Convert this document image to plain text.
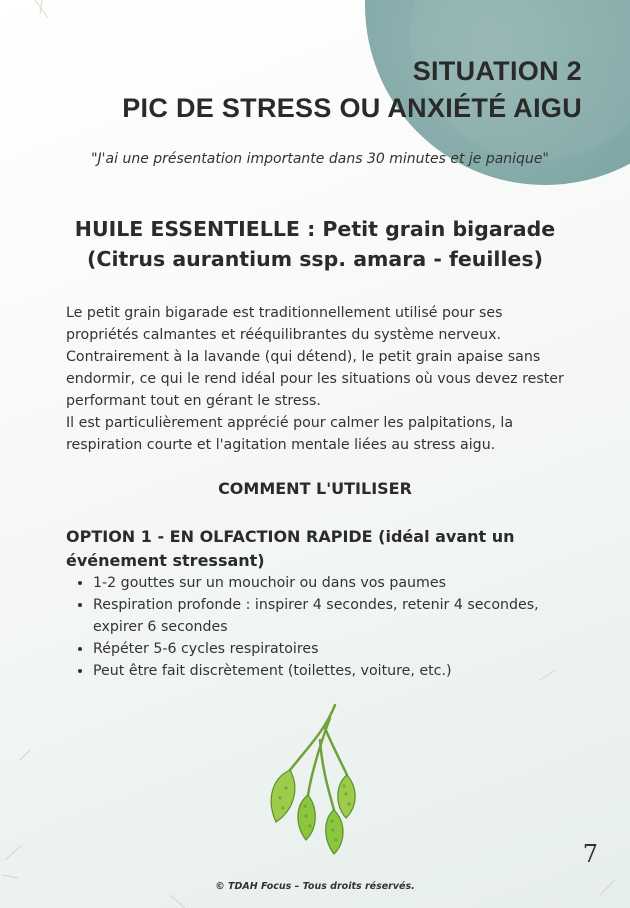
SITUATION 2
PIC DE STRESS OU ANXIÉTÉ AIGU
"J'ai une présentation importante dans 30 minutes et je panique"
HUILE ESSENTIELLE : Petit grain bigarade
(Citrus aurantium ssp. amara - feuilles)

Le petit grain bigarade est traditionnellement utilisé pour ses propriétés calmantes et rééquilibrantes du système nerveux. Contrairement à la lavande (qui détend), le petit grain apaise sans endormir, ce qui le rend idéal pour les situations où vous devez rester performant tout en gérant le stress.

Il est particulièrement apprécié pour calmer les palpitations, la respiration courte et l'agitation mentale liées au stress aigu.

COMMENT L'UTILISER
OPTION 1 - EN OLFACTION RAPIDE (idéal avant un événement stressant)
• 1-2 gouttes sur un mouchoir ou dans vos paumes
• Respiration profonde : inspirer 4 secondes, retenir 4 secondes, expirer 6 secondes
• Répéter 5-6 cycles respiratoires
• Peut être fait discrètement (toilettes, voiture, etc.)
7
© TDAH Focus – Tous droits réservés.
